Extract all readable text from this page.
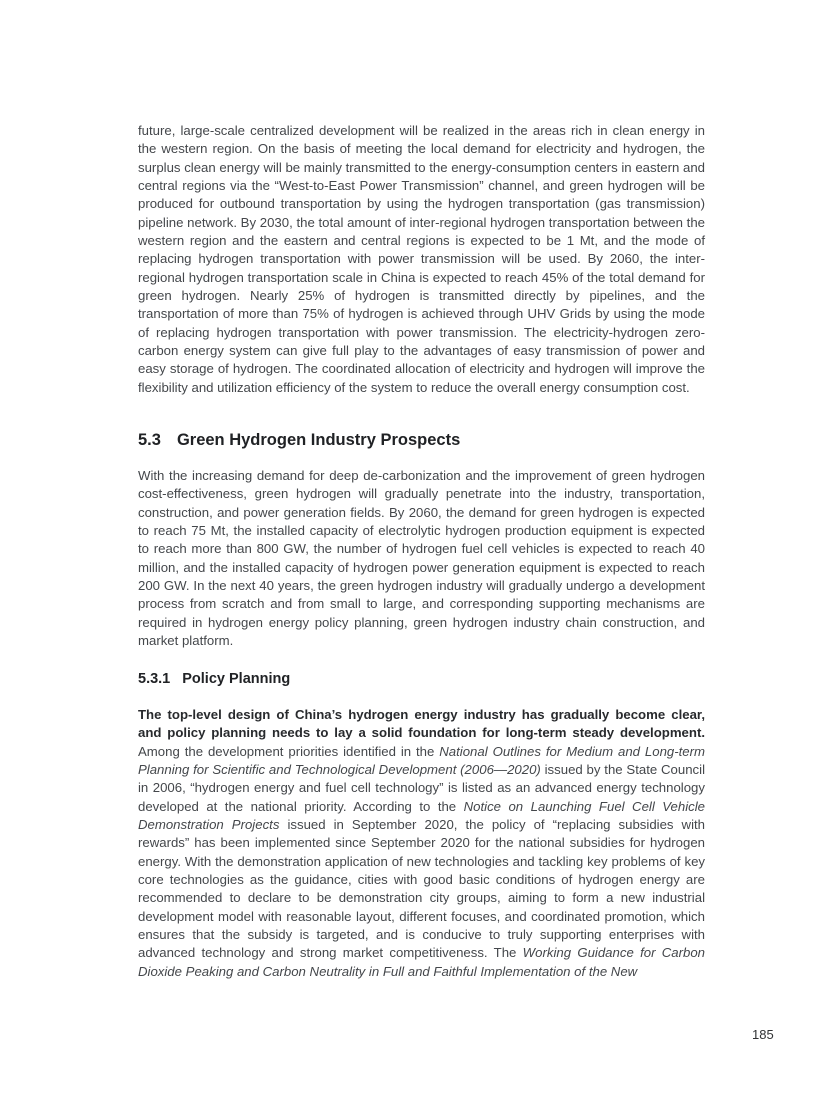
future, large-scale centralized development will be realized in the areas rich in clean energy in the western region. On the basis of meeting the local demand for electricity and hydrogen, the surplus clean energy will be mainly transmitted to the energy-consumption centers in eastern and central regions via the “West-to-East Power Transmission” channel, and green hydrogen will be produced for outbound transportation by using the hydrogen transportation (gas transmission) pipeline network. By 2030, the total amount of inter-regional hydrogen transportation between the western region and the eastern and central regions is expected to be 1 Mt, and the mode of replacing hydrogen transportation with power transmission will be used. By 2060, the inter-regional hydrogen transportation scale in China is expected to reach 45% of the total demand for green hydrogen. Nearly 25% of hydrogen is transmitted directly by pipelines, and the transportation of more than 75% of hydrogen is achieved through UHV Grids by using the mode of replacing hydrogen transportation with power transmission. The electricity-hydrogen zero-carbon energy system can give full play to the advantages of easy transmission of power and easy storage of hydrogen. The coordinated allocation of electricity and hydrogen will improve the flexibility and utilization efficiency of the system to reduce the overall energy consumption cost.

5.3 Green Hydrogen Industry Prospects

With the increasing demand for deep de-carbonization and the improvement of green hydrogen cost-effectiveness, green hydrogen will gradually penetrate into the industry, transportation, construction, and power generation fields. By 2060, the demand for green hydrogen is expected to reach 75 Mt, the installed capacity of electrolytic hydrogen production equipment is expected to reach more than 800 GW, the number of hydrogen fuel cell vehicles is expected to reach 40 million, and the installed capacity of hydrogen power generation equipment is expected to reach 200 GW. In the next 40 years, the green hydrogen industry will gradually undergo a development process from scratch and from small to large, and corresponding supporting mechanisms are required in hydrogen energy policy planning, green hydrogen industry chain construction, and market platform.

5.3.1 Policy Planning

The top-level design of China’s hydrogen energy industry has gradually become clear, and policy planning needs to lay a solid foundation for long-term steady development. Among the development priorities identified in the National Outlines for Medium and Long-term Planning for Scientific and Technological Development (2006—2020) issued by the State Council in 2006, “hydrogen energy and fuel cell technology” is listed as an advanced energy technology developed at the national priority. According to the Notice on Launching Fuel Cell Vehicle Demonstration Projects issued in September 2020, the policy of “replacing subsidies with rewards” has been implemented since September 2020 for the national subsidies for hydrogen energy. With the demonstration application of new technologies and tackling key problems of key core technologies as the guidance, cities with good basic conditions of hydrogen energy are recommended to declare to be demonstration city groups, aiming to form a new industrial development model with reasonable layout, different focuses, and coordinated promotion, which ensures that the subsidy is targeted, and is conducive to truly supporting enterprises with advanced technology and strong market competitiveness. The Working Guidance for Carbon Dioxide Peaking and Carbon Neutrality in Full and Faithful Implementation of the New

185
